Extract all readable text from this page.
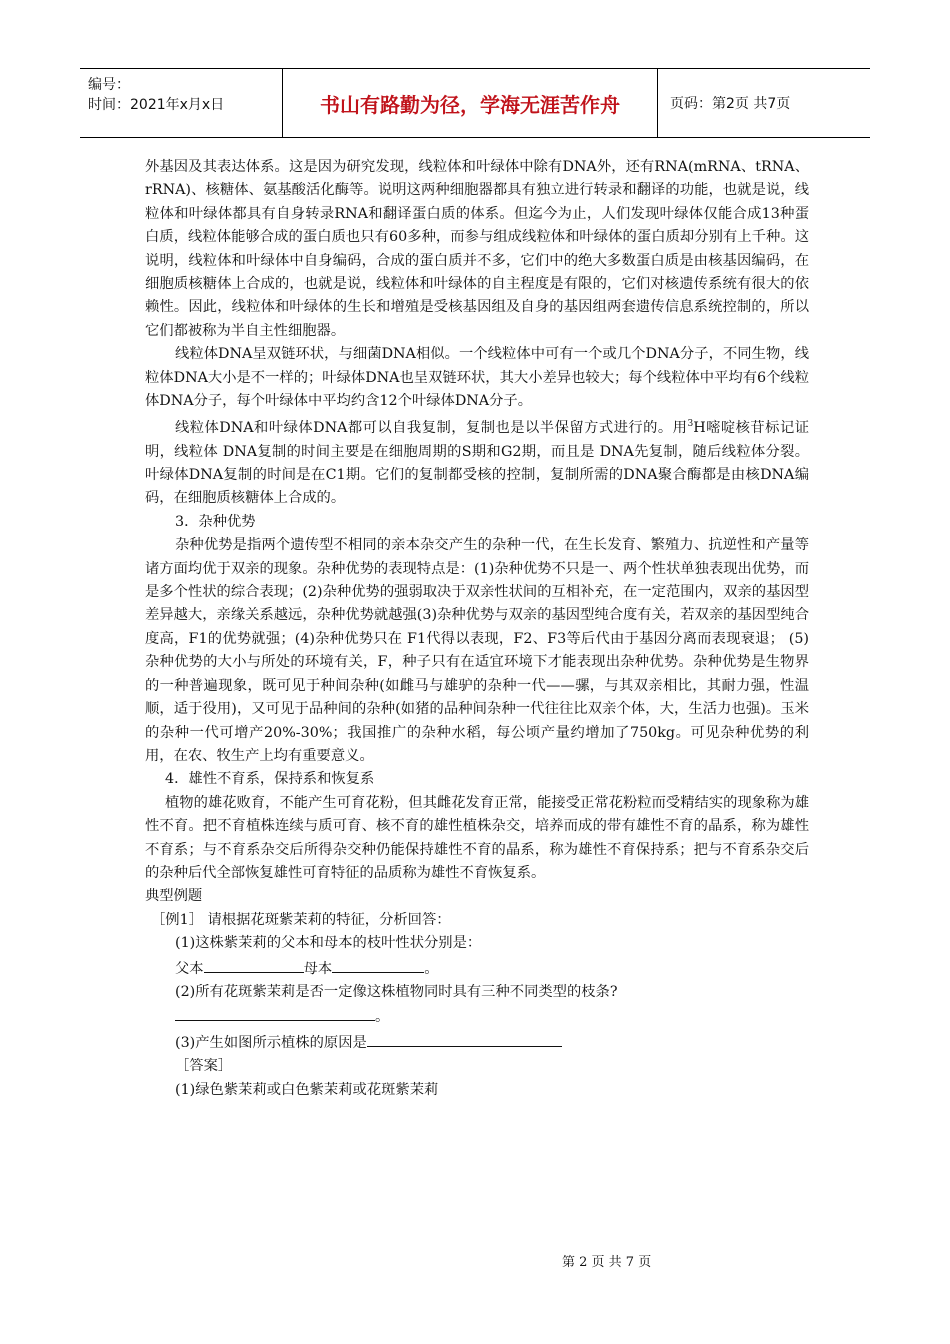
编号：
时间：2021年x月x日	书山有路勤为径，学海无涯苦作舟	页码：第2页 共7页

外基因及其表达体系。这是因为研究发现，线粒体和叶绿体中除有DNA外，还有RNA(mRNA、tRNA、rRNA)、核糖体、氨基酸活化酶等。说明这两种细胞器都具有独立进行转录和翻译的功能，也就是说，线粒体和叶绿体都具有自身转录RNA和翻译蛋白质的体系。但迄今为止，人们发现叶绿体仅能合成13种蛋白质，线粒体能够合成的蛋白质也只有60多种，而参与组成线粒体和叶绿体的蛋白质却分别有上千种。这说明，线粒体和叶绿体中自身编码，合成的蛋白质并不多，它们中的绝大多数蛋白质是由核基因编码，在细胞质核糖体上合成的，也就是说，线粒体和叶绿体的自主程度是有限的，它们对核遗传系统有很大的依赖性。因此，线粒体和叶绿体的生长和增殖是受核基因组及自身的基因组两套遗传信息系统控制的，所以它们都被称为半自主性细胞器。

线粒体DNA呈双链环状，与细菌DNA相似。一个线粒体中可有一个或几个DNA分子，不同生物，线粒体DNA大小是不一样的；叶绿体DNA也呈双链环状，其大小差异也较大；每个线粒体中平均有6个线粒体DNA分子，每个叶绿体中平均约含12个叶绿体DNA分子。

线粒体DNA和叶绿体DNA都可以自我复制，复制也是以半保留方式进行的。用$^3$H嘧啶核苷标记证明，线粒体 DNA复制的时间主要是在细胞周期的S期和G2期，而且是 DNA先复制，随后线粒体分裂。叶绿体DNA复制的时间是在C1期。它们的复制都受核的控制，复制所需的DNA聚合酶都是由核DNA编码，在细胞质核糖体上合成的。

3．杂种优势

杂种优势是指两个遗传型不相同的亲本杂交产生的杂种一代，在生长发育、繁殖力、抗逆性和产量等诸方面均优于双亲的现象。杂种优势的表现特点是：(1)杂种优势不只是一、两个性状单独表现出优势，而是多个性状的综合表现；(2)杂种优势的强弱取决于双亲性状间的互相补充，在一定范围内，双亲的基因型差异越大，亲缘关系越远，杂种优势就越强(3)杂种优势与双亲的基因型纯合度有关，若双亲的基因型纯合度高，F1的优势就强；(4)杂种优势只在 F1代得以表现，F2、F3等后代由于基因分离而表现衰退； (5)杂种优势的大小与所处的环境有关，F，种子只有在适宜环境下才能表现出杂种优势。杂种优势是生物界的一种普遍现象，既可见于种间杂种(如雌马与雄驴的杂种一代——骡，与其双亲相比，其耐力强，性温顺，适于役用)，又可见于品种间的杂种(如猪的品种间杂种一代往往比双亲个体，大，生活力也强)。玉米的杂种一代可增产20%-30%；我国推广的杂种水稻，每公顷产量约增加了750kg。可见杂种优势的利用，在农、牧生产上均有重要意义。

4．雄性不育系，保持系和恢复系

植物的雄花败育，不能产生可育花粉，但其雌花发育正常，能接受正常花粉粒而受精结实的现象称为雄性不育。把不育植株连续与质可育、核不育的雄性植株杂交，培养而成的带有雄性不育的晶系，称为雄性不育系；与不育系杂交后所得杂交种仍能保持雄性不育的晶系，称为雄性不育保持系；把与不育系杂交后的杂种后代全部恢复雄性可育特征的品质称为雄性不育恢复系。

典型例题

［例1］ 请根据花斑紫茉莉的特征，分析回答：

(1)这株紫茉莉的父本和母本的枝叶性状分别是：

父本	母本	。

(2)所有花斑紫茉莉是否一定像这株植物同时具有三种不同类型的枝条?

。

(3)产生如图所示植株的原因是

［答案］

(1)绿色紫茉莉或白色紫茉莉或花斑紫茉莉

第 2 页 共 7 页
